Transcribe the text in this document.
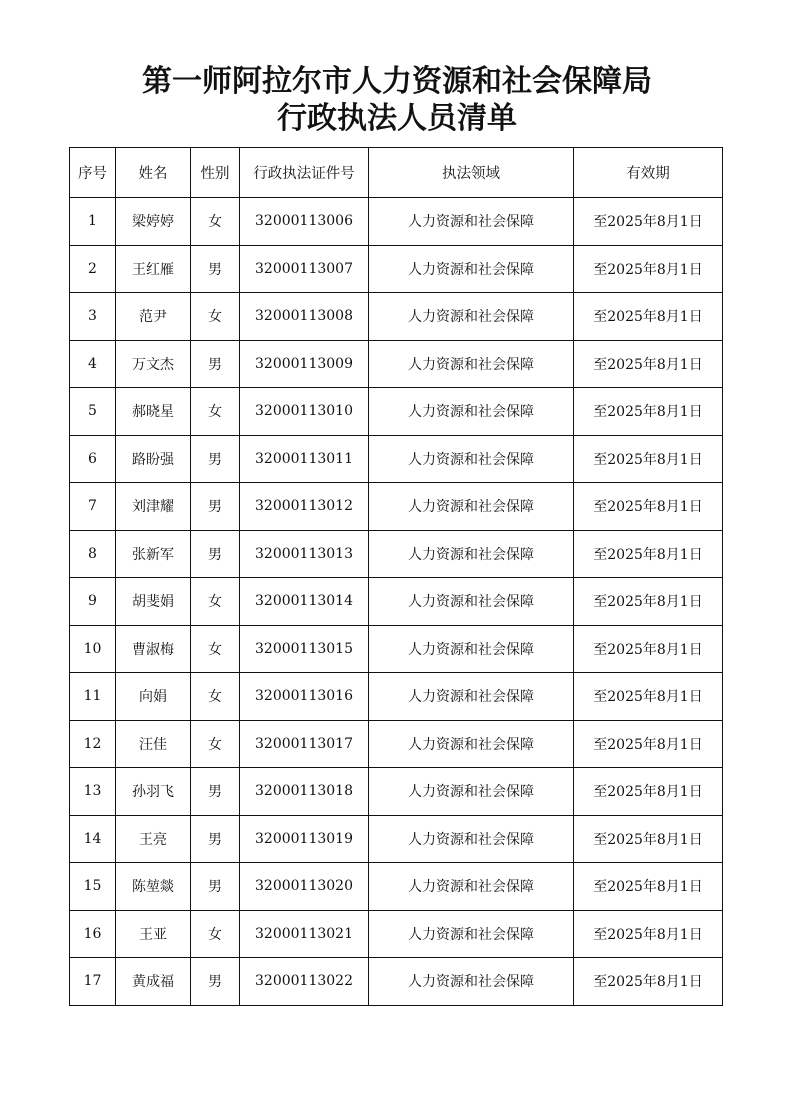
第一师阿拉尔市人力资源和社会保障局
行政执法人员清单
序号	姓名	性别	行政执法证件号	执法领域	有效期
1	梁婷婷	女	32000113006	人力资源和社会保障	至2025年8月1日
2	王红雁	男	32000113007	人力资源和社会保障	至2025年8月1日
3	范尹	女	32000113008	人力资源和社会保障	至2025年8月1日
4	万文杰	男	32000113009	人力资源和社会保障	至2025年8月1日
5	郝晓星	女	32000113010	人力资源和社会保障	至2025年8月1日
6	路盼强	男	32000113011	人力资源和社会保障	至2025年8月1日
7	刘津耀	男	32000113012	人力资源和社会保障	至2025年8月1日
8	张新军	男	32000113013	人力资源和社会保障	至2025年8月1日
9	胡斐娟	女	32000113014	人力资源和社会保障	至2025年8月1日
10	曹淑梅	女	32000113015	人力资源和社会保障	至2025年8月1日
11	向娟	女	32000113016	人力资源和社会保障	至2025年8月1日
12	汪佳	女	32000113017	人力资源和社会保障	至2025年8月1日
13	孙羽飞	男	32000113018	人力资源和社会保障	至2025年8月1日
14	王亮	男	32000113019	人力资源和社会保障	至2025年8月1日
15	陈堃燚	男	32000113020	人力资源和社会保障	至2025年8月1日
16	王亚	女	32000113021	人力资源和社会保障	至2025年8月1日
17	黄成福	男	32000113022	人力资源和社会保障	至2025年8月1日
